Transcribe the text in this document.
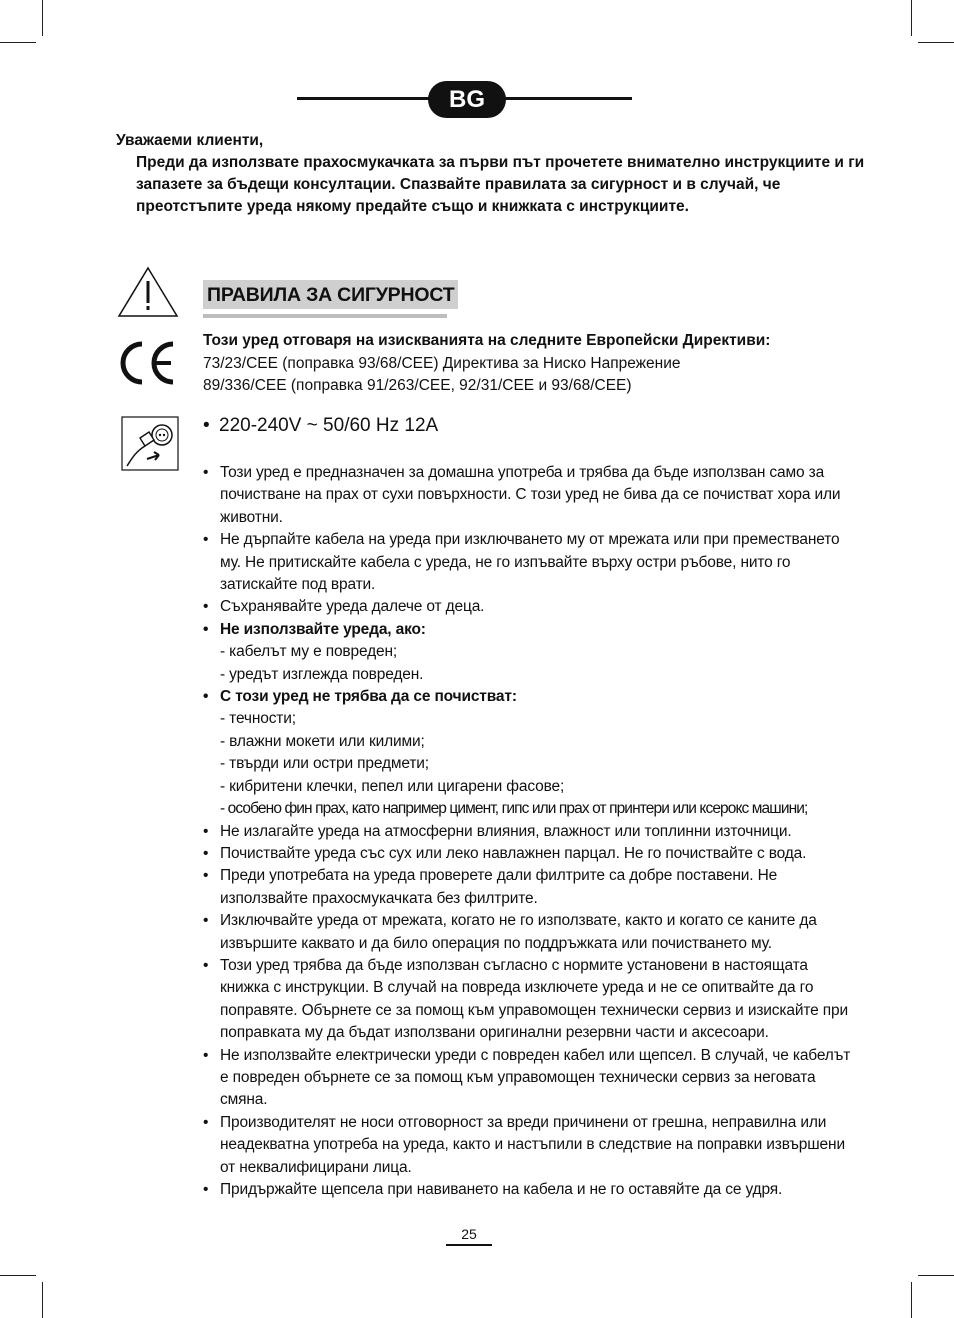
BG
Уважаеми клиенти,
Преди да използвате прахосмукачката за първи път прочетете внимателно инструкциите и ги запазете за бъдещи консултации. Спазвайте правилата за сигурност и в случай, че преотстъпите уреда някому предайте също и книжката с инструкциите.
ПРАВИЛА ЗА СИГУРНОСТ
Този уред отговаря на изискванията на следните Европейски Директиви:
73/23/CEE (поправка 93/68/CEE) Директива за Ниско Напрежение
89/336/CEE (поправка 91/263/CEE, 92/31/CEE и 93/68/CEE)
• 220-240V ~ 50/60 Hz 12A
• Този уред е предназначен за домашна употреба и трябва да бъде използван само за почистване на прах от сухи повърхности. С този уред не бива да се почистват хора или животни.
• Не дърпайте кабела на уреда при изключването му от мрежата или при преместването му. Не притискайте кабела с уреда, не го изпъвайте върху остри ръбове, нито го затискайте под врати.
• Съхранявайте уреда далече от деца.
• Не използвайте уреда, ако:
- кабелът му е повреден;
- уредът изглежда повреден.
• С този уред не трябва да се почистват:
- течности;
- влажни мокети или килими;
- твърди или остри предмети;
- кибритени клечки, пепел или цигарени фасове;
- особено фин прах, като например цимент, гипс или прах от принтери или ксерокс машини;
• Не излагайте уреда на атмосферни влияния, влажност или топлинни източници.
• Почиствайте уреда със сух или леко навлажнен парцал. Не го почиствайте с вода.
• Преди употребата на уреда проверете дали филтрите са добре поставени. Не използвайте прахосмукачката без филтрите.
• Изключвайте уреда от мрежата, когато не го използвате, както и когато се каните да извършите каквато и да било операция по поддръжката или почистването му.
• Този уред трябва да бъде използван съгласно с нормите установени в настоящата книжка с инструкции. В случай на повреда изключете уреда и не се опитвайте да го поправяте. Обърнете се за помощ към управомощен технически сервиз и изискайте при поправката му да бъдат използвани оригинални резервни части и аксесоари.
• Не използвайте електрически уреди с повреден кабел или щепсел. В случай, че кабелът е повреден обърнете се за помощ към управомощен технически сервиз за неговата смяна.
• Производителят не носи отговорност за вреди причинени от грешна, неправилна или неадекватна употреба на уреда, както и настъпили в следствие на поправки извършени от неквалифицирани лица.
• Придържайте щепсела при навиването на кабела и не го оставяйте да се удря.
25
